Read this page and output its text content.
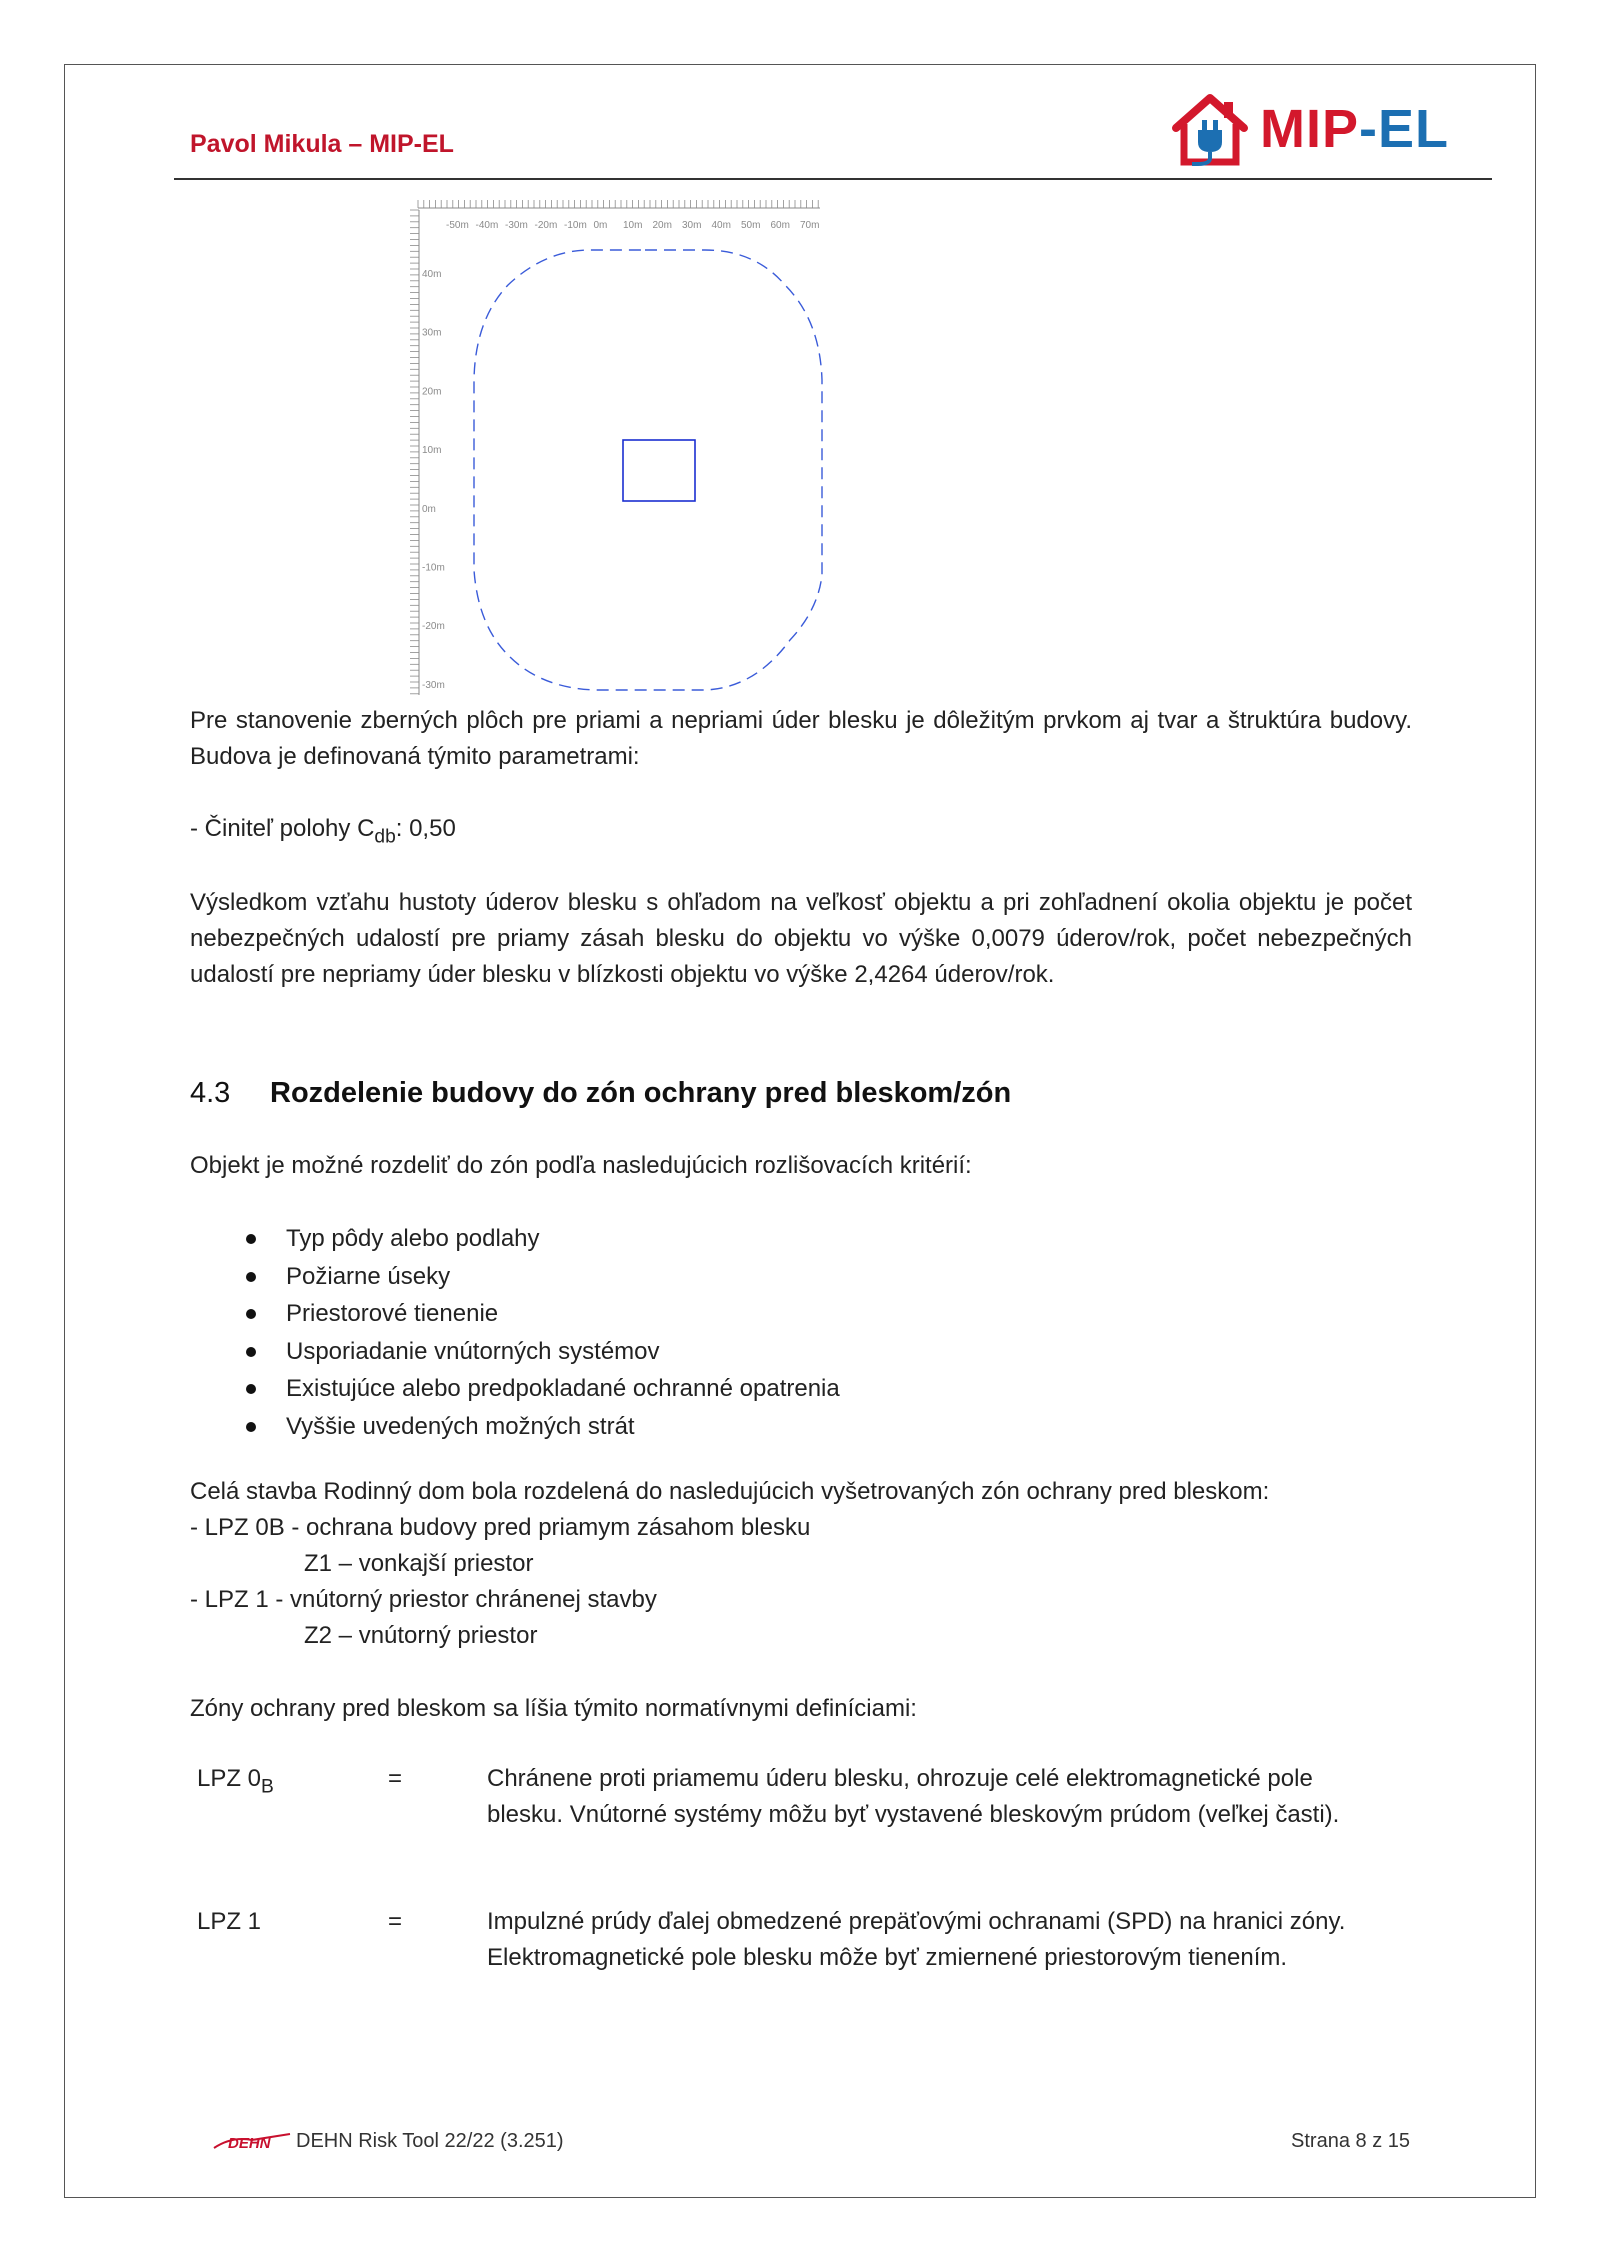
Pavol Mikula – MIP-EL	MIP-EL
-50m -40m -30m -20m -10m 0m 10m 20m 30m 40m 50m 60m 70m
40m
30m
20m
10m
0m
-10m
-20m
-30m
Pre stanovenie zberných plôch pre priami a nepriami úder blesku je dôležitým prvkom aj tvar a štruktúra budovy. Budova je definovaná týmito parametrami:
- Činiteľ polohy $C_{db}$: 0,50
Výsledkom vzťahu hustoty úderov blesku s ohľadom na veľkosť objektu a pri zohľadnení okolia objektu je počet nebezpečných udalostí pre priamy zásah blesku do objektu vo výške 0,0079 úderov/rok, počet nebezpečných udalostí pre nepriamy úder blesku v blízkosti objektu vo výške 2,4264 úderov/rok.
4.3 Rozdelenie budovy do zón ochrany pred bleskom/zón
Objekt je možné rozdeliť do zón podľa nasledujúcich rozlišovacích kritérií:
Typ pôdy alebo podlahy
Požiarne úseky
Priestorové tienenie
Usporiadanie vnútorných systémov
Existujúce alebo predpokladané ochranné opatrenia
Vyššie uvedených možných strát
Celá stavba Rodinný dom bola rozdelená do nasledujúcich vyšetrovaných zón ochrany pred bleskom:
- LPZ 0B - ochrana budovy pred priamym zásahom blesku
Z1 – vonkajší priestor
- LPZ 1 - vnútorný priestor chránenej stavby
Z2 – vnútorný priestor
Zóny ochrany pred bleskom sa líšia týmito normatívnymi definíciami:
LPZ $0_B$	=	Chránene proti priamemu úderu blesku, ohrozuje celé elektromagnetické pole blesku. Vnútorné systémy môžu byť vystavené bleskovým prúdom (veľkej časti).
LPZ 1	=	Impulzné prúdy ďalej obmedzené prepäťovými ochranami (SPD) na hranici zóny. Elektromagnetické pole blesku môže byť zmiernené priestorovým tienením.
DEHN DEHN Risk Tool 22/22 (3.251)	Strana 8 z 15
